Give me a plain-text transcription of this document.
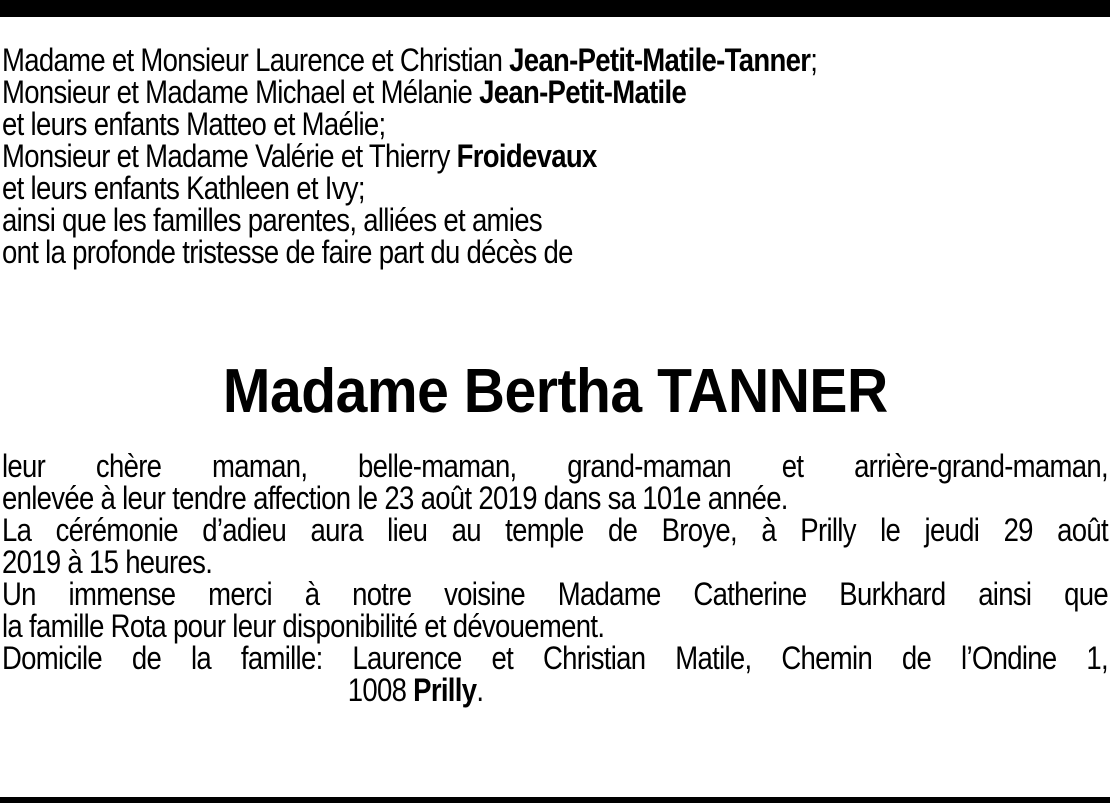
Madame et Monsieur Laurence et Christian Jean-Petit-Matile-Tanner;
Monsieur et Madame Michael et Mélanie Jean-Petit-Matile
et leurs enfants Matteo et Maélie;
Monsieur et Madame Valérie et Thierry Froidevaux
et leurs enfants Kathleen et Ivy;
ainsi que les familles parentes, alliées et amies
ont la profonde tristesse de faire part du décès de
Madame Bertha TANNER
leur chère maman, belle-maman, grand-maman et arrière-grand-maman,
enlevée à leur tendre affection le 23 août 2019 dans sa 101e année.
La cérémonie d’adieu aura lieu au temple de Broye, à Prilly le jeudi 29 août
2019 à 15 heures.
Un immense merci à notre voisine Madame Catherine Burkhard ainsi que
la famille Rota pour leur disponibilité et dévouement.
Domicile de la famille: Laurence et Christian Matile, Chemin de l’Ondine 1,
1008 Prilly.
